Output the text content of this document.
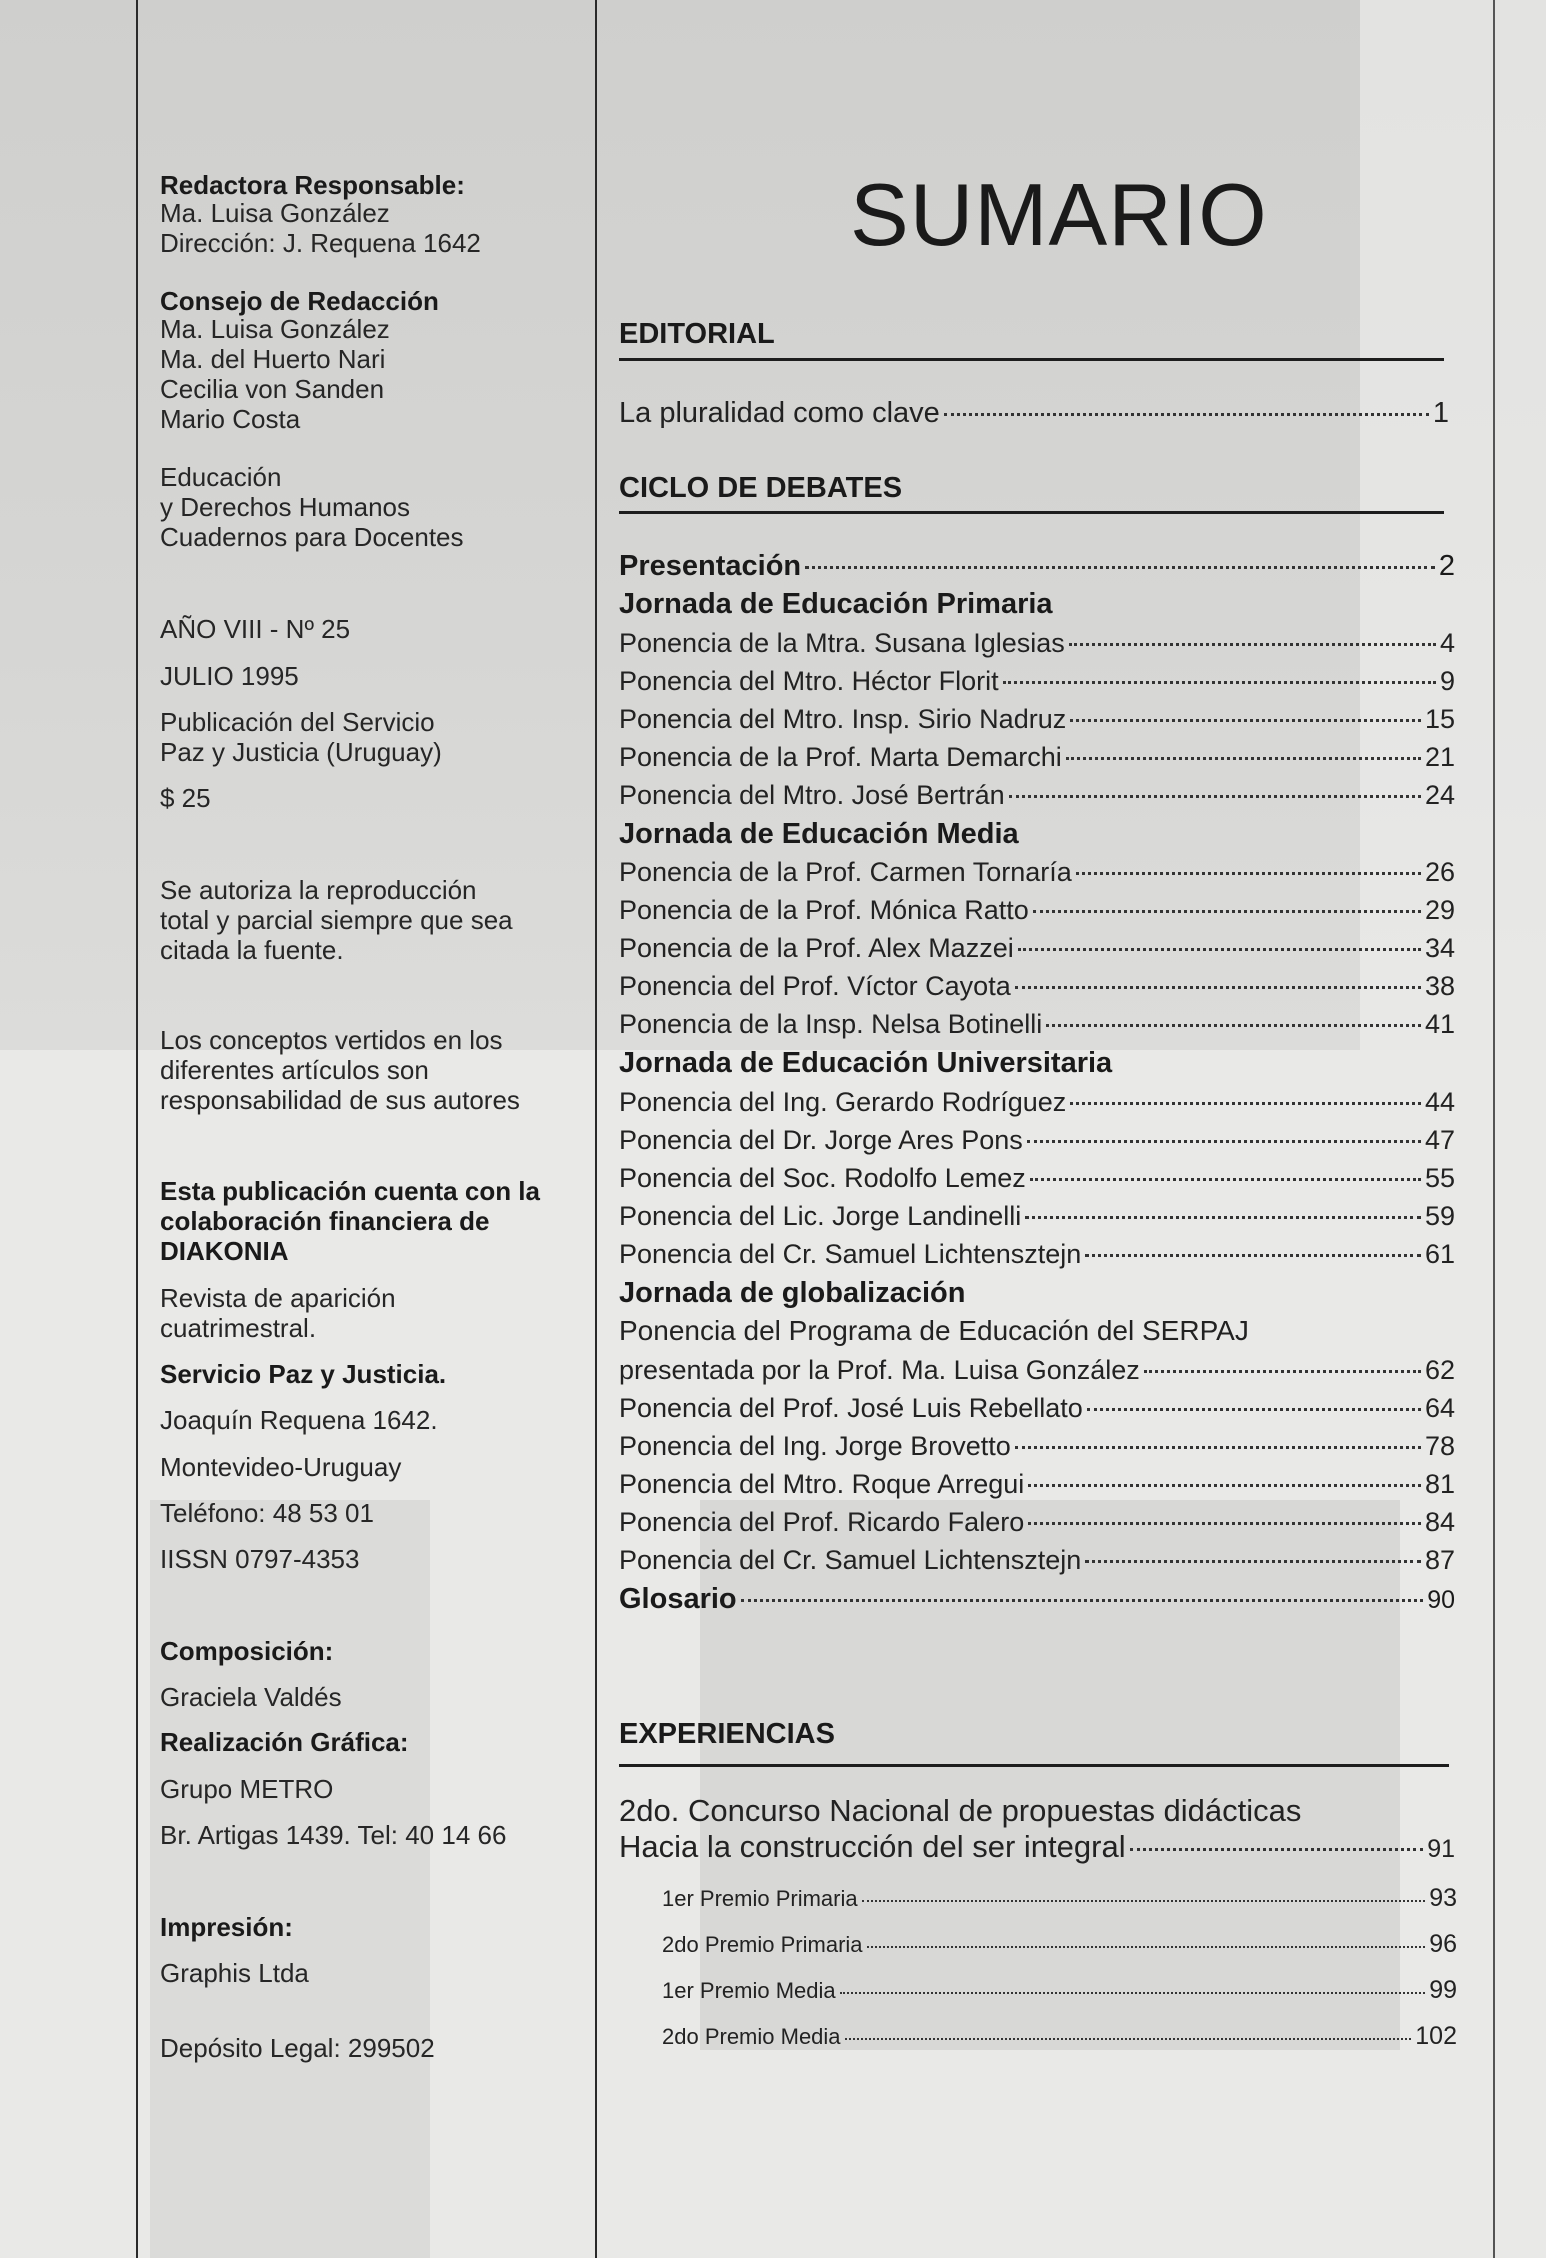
Redactora Responsable:
Ma. Luisa González
Dirección: J. Requena 1642
Consejo de Redacción
Ma. Luisa González
Ma. del Huerto Nari
Cecilia von Sanden
Mario Costa
Educación
y Derechos Humanos
Cuadernos para Docentes
AÑO VIII - Nº 25
JULIO 1995
Publicación del Servicio
Paz y Justicia (Uruguay)
$ 25
Se autoriza la reproducción
total y parcial siempre que sea
citada la fuente.
Los conceptos vertidos en los
diferentes artículos son
responsabilidad de sus autores
Esta publicación cuenta con la
colaboración financiera de
DIAKONIA
Revista de aparición
cuatrimestral.
Servicio Paz y Justicia.
Joaquín Requena 1642.
Montevideo-Uruguay
Teléfono: 48 53 01
IISSN 0797-4353
Composición:
Graciela Valdés
Realización Gráfica:
Grupo METRO
Br. Artigas 1439. Tel: 40 14 66
Impresión:
Graphis Ltda
Depósito Legal: 299502
SUMARIO
EDITORIAL
La pluralidad como clave	1
CICLO DE DEBATES
Presentación	2
Jornada de Educación Primaria
Ponencia de la Mtra. Susana Iglesias	4
Ponencia del Mtro. Héctor Florit	9
Ponencia del Mtro. Insp. Sirio Nadruz	15
Ponencia de la Prof. Marta Demarchi	21
Ponencia del Mtro. José Bertrán	24
Jornada de Educación Media
Ponencia de la Prof. Carmen Tornaría	26
Ponencia de la Prof. Mónica Ratto	29
Ponencia de la Prof. Alex Mazzei	34
Ponencia del Prof. Víctor Cayota	38
Ponencia de la Insp. Nelsa Botinelli	41
Jornada de Educación Universitaria
Ponencia del Ing. Gerardo Rodríguez	44
Ponencia del Dr. Jorge Ares Pons	47
Ponencia del Soc. Rodolfo Lemez	55
Ponencia del Lic. Jorge Landinelli	59
Ponencia del Cr. Samuel Lichtensztejn	61
Jornada de globalización
Ponencia del Programa de Educación del SERPAJ
presentada por la Prof. Ma. Luisa González	62
Ponencia del Prof. José Luis Rebellato	64
Ponencia del Ing. Jorge Brovetto	78
Ponencia del Mtro. Roque Arregui	81
Ponencia del Prof. Ricardo Falero	84
Ponencia del Cr. Samuel Lichtensztejn	87
Glosario	90
EXPERIENCIAS
2do. Concurso Nacional de propuestas didácticas
Hacia la construcción del ser integral	91
1er Premio Primaria	93
2do Premio Primaria	96
1er Premio Media	99
2do Premio Media	102
